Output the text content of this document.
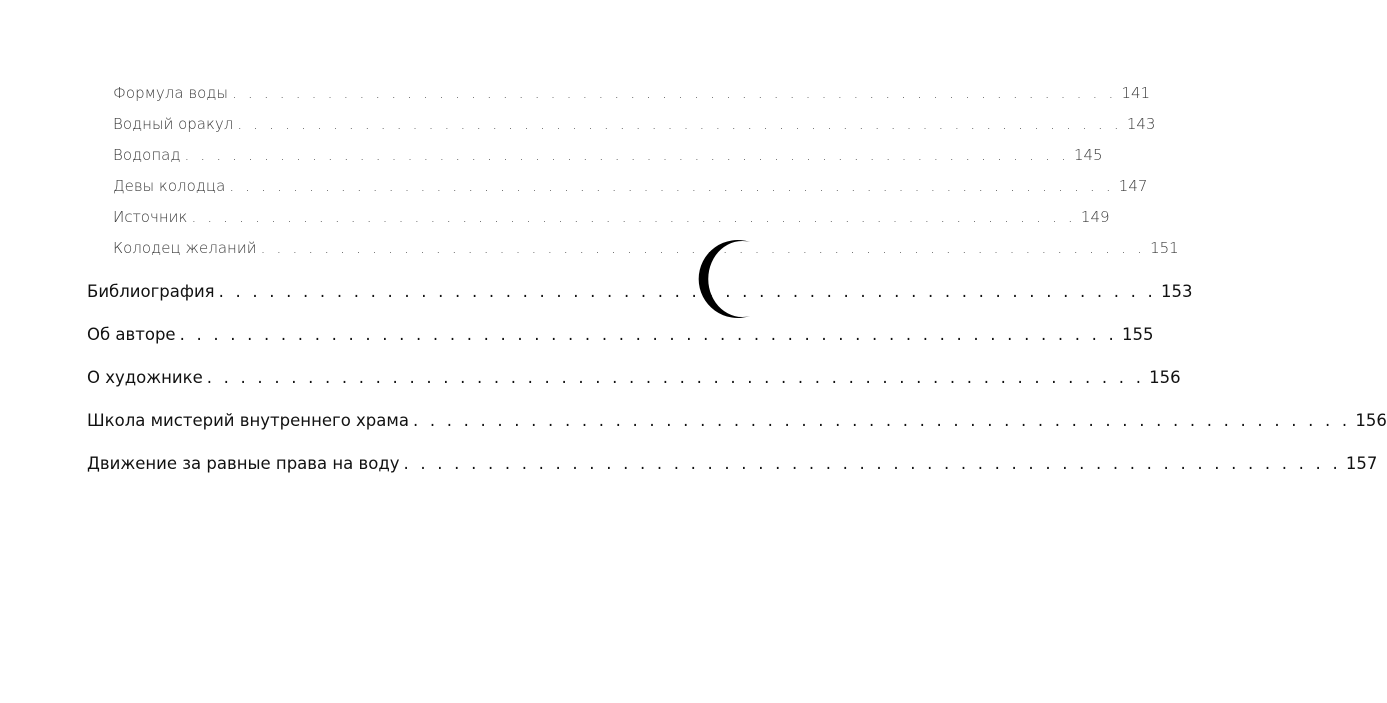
Формула воды . . . . . . . . . . . . . . . . . . . . . . . . . . . . . . . . . . . . . . . . . . . . . . . . . . . . . . . . 141
Водный оракул . . . . . . . . . . . . . . . . . . . . . . . . . . . . . . . . . . . . . . . . . . . . . . . . . . . . . . . . 143
Водопад . . . . . . . . . . . . . . . . . . . . . . . . . . . . . . . . . . . . . . . . . . . . . . . . . . . . . . . . 145
Девы колодца . . . . . . . . . . . . . . . . . . . . . . . . . . . . . . . . . . . . . . . . . . . . . . . . . . . . . . . . 147
Источник . . . . . . . . . . . . . . . . . . . . . . . . . . . . . . . . . . . . . . . . . . . . . . . . . . . . . . . . 149
Колодец желаний . . . . . . . . . . . . . . . . . . . . . . . . . . . . . . . . . . . . . . . . . . . . . . . . . . . . . . . . 151
Библиография . . . . . . . . . . . . . . . . . . . . . . . . . . . . . . . . . . . . . . . . . . . . . . . . . . . . . . . . 153
Об авторе . . . . . . . . . . . . . . . . . . . . . . . . . . . . . . . . . . . . . . . . . . . . . . . . . . . . . . . . 155
О художнике . . . . . . . . . . . . . . . . . . . . . . . . . . . . . . . . . . . . . . . . . . . . . . . . . . . . . . . . 156
Школа мистерий внутреннего храма . . . . . . . . . . . . . . . . . . . . . . . . . . . . . . . . . . . . . . . . . . . . . . . . . . . . . . . . 156
Движение за равные права на воду . . . . . . . . . . . . . . . . . . . . . . . . . . . . . . . . . . . . . . . . . . . . . . . . . . . . . . . . 157
